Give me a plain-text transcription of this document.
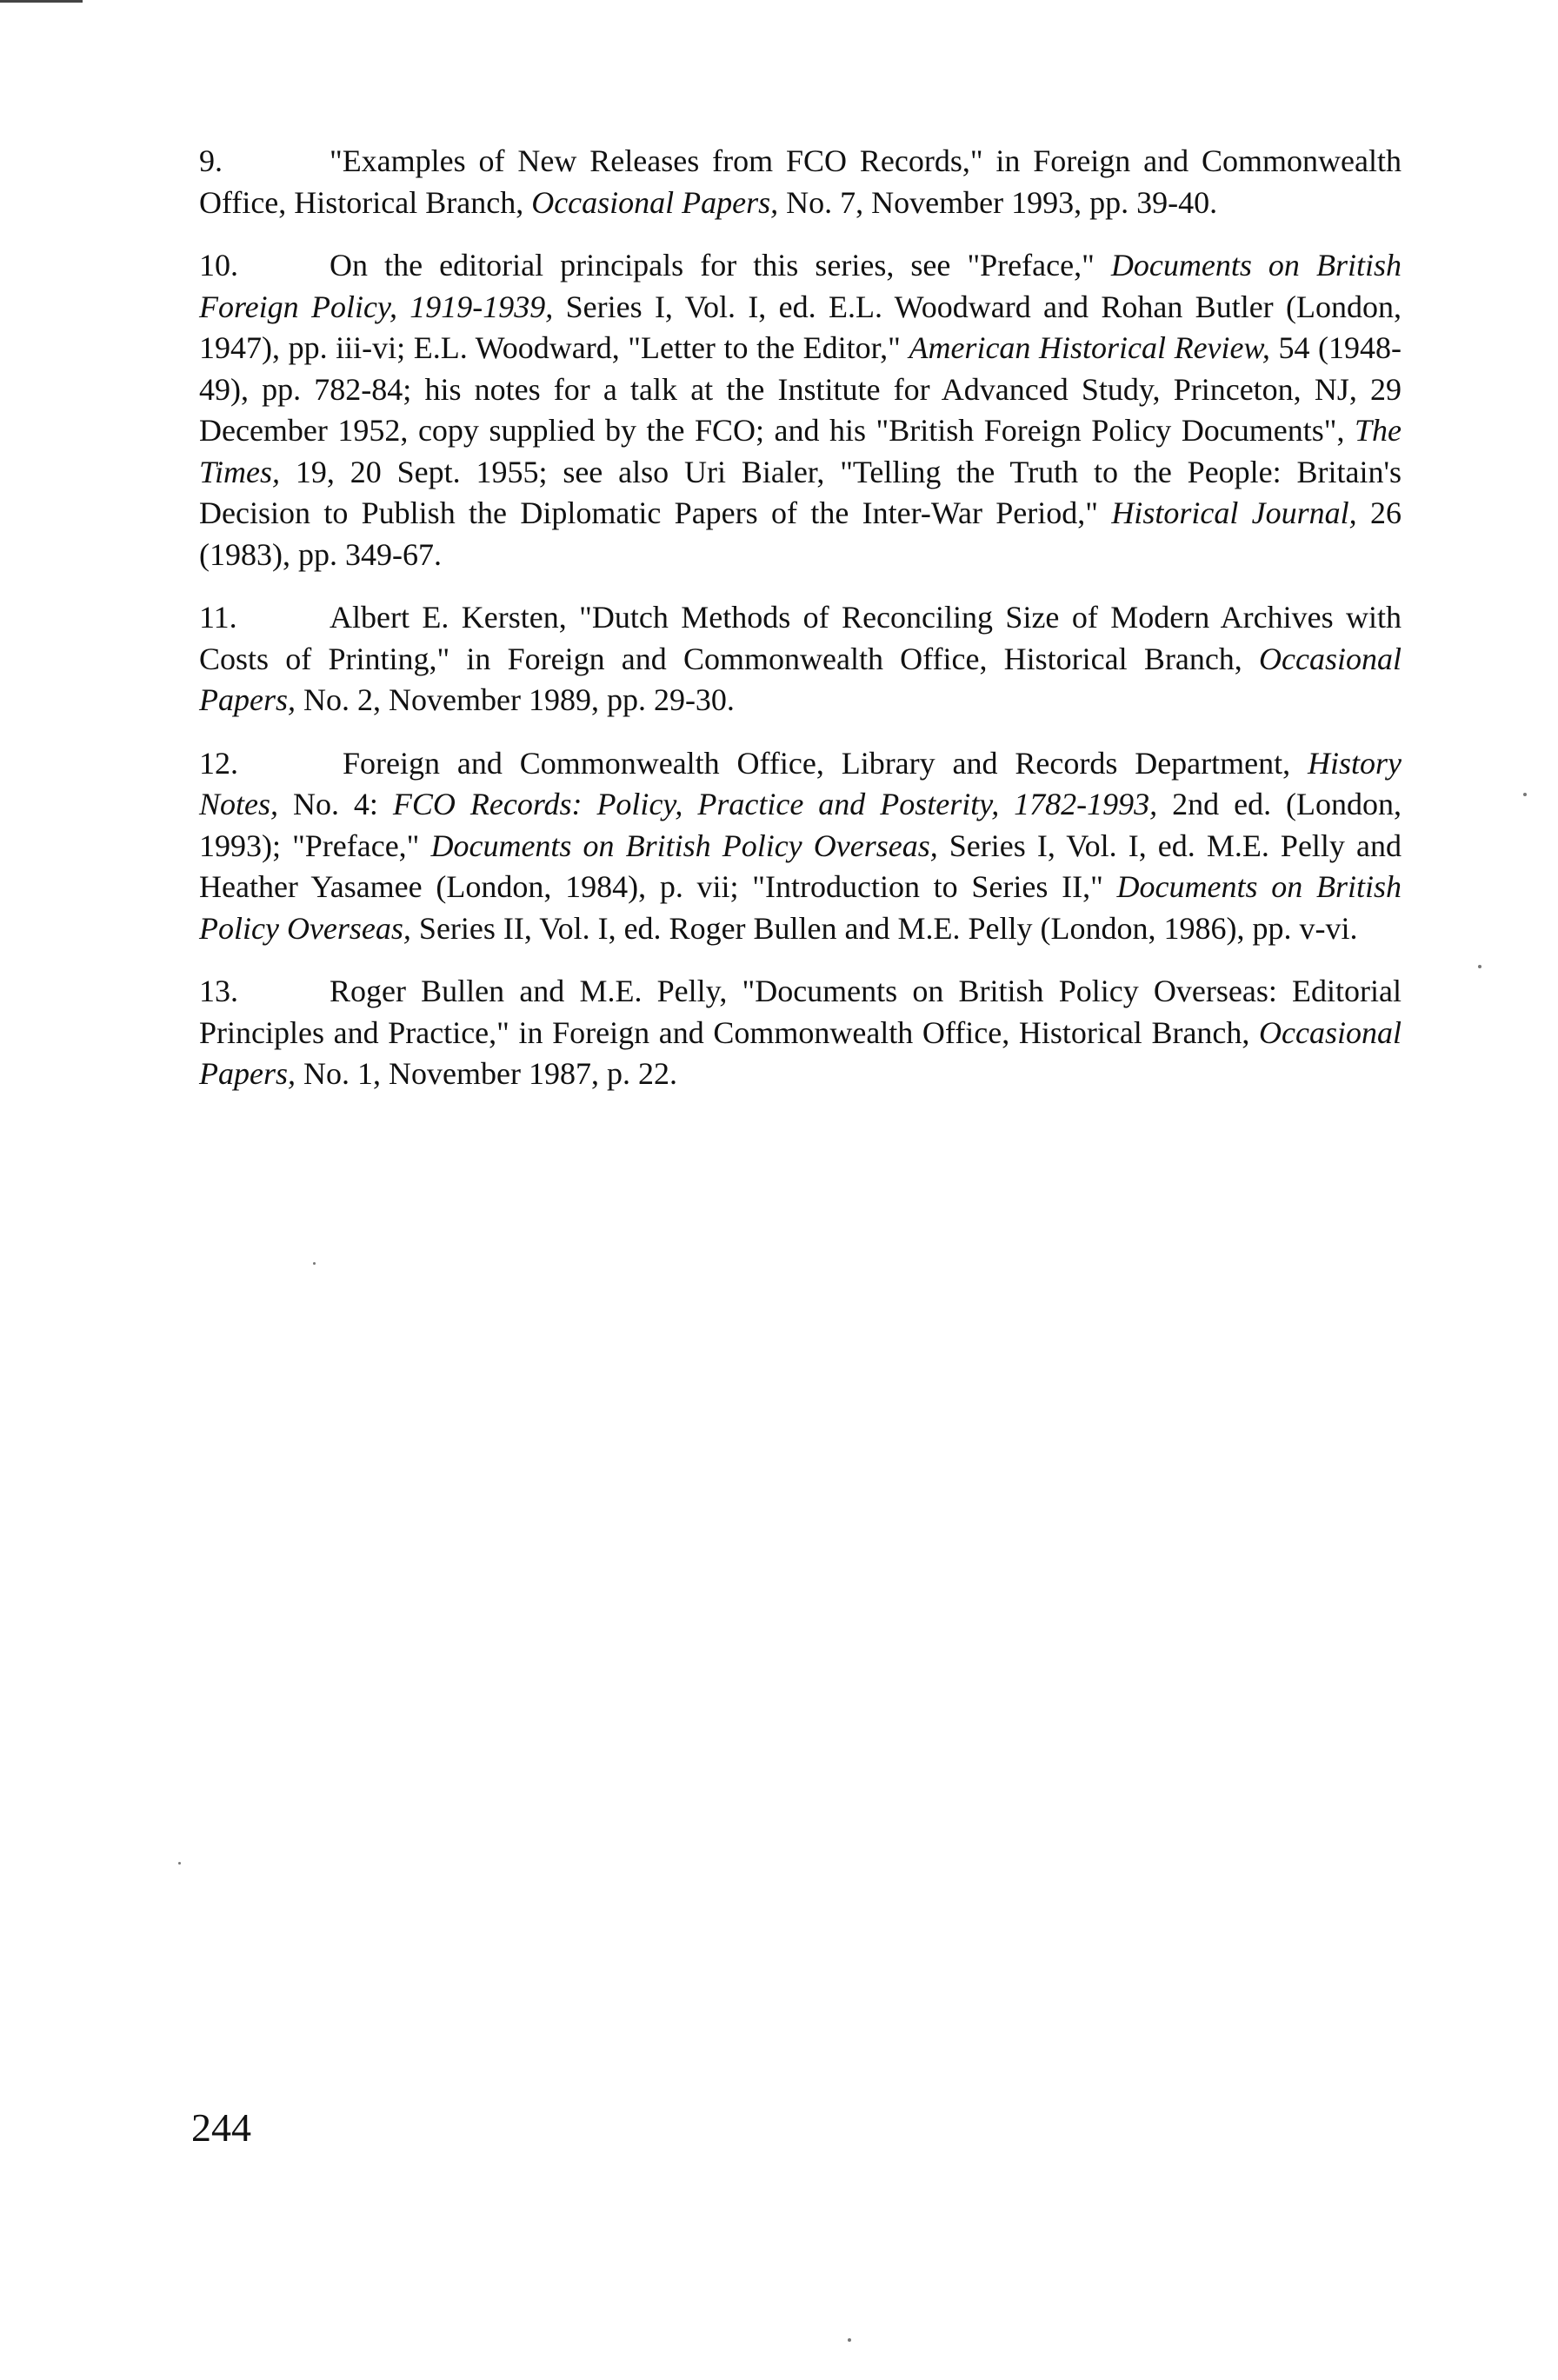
9.	"Examples of New Releases from FCO Records," in Foreign and Commonwealth Office, Historical Branch, Occasional Papers, No. 7, November 1993, pp. 39-40.

10.	On the editorial principals for this series, see "Preface," Documents on British Foreign Policy, 1919-1939, Series I, Vol. I, ed. E.L. Woodward and Rohan Butler (London, 1947), pp. iii-vi; E.L. Woodward, "Letter to the Editor," American Historical Review, 54 (1948-49), pp. 782-84; his notes for a talk at the Institute for Advanced Study, Princeton, NJ, 29 December 1952, copy supplied by the FCO; and his "British Foreign Policy Documents", The Times, 19, 20 Sept. 1955; see also Uri Bialer, "Telling the Truth to the People: Britain's Decision to Publish the Diplomatic Papers of the Inter-War Period," Historical Journal, 26 (1983), pp. 349-67.

11.	Albert E. Kersten, "Dutch Methods of Reconciling Size of Modern Archives with Costs of Printing," in Foreign and Commonwealth Office, Historical Branch, Occasional Papers, No. 2, November 1989, pp. 29-30.

12.	Foreign and Commonwealth Office, Library and Records Department, History Notes, No. 4: FCO Records: Policy, Practice and Posterity, 1782-1993, 2nd ed. (London, 1993); "Preface," Documents on British Policy Overseas, Series I, Vol. I, ed. M.E. Pelly and Heather Yasamee (London, 1984), p. vii; "Introduction to Series II," Documents on British Policy Overseas, Series II, Vol. I, ed. Roger Bullen and M.E. Pelly (London, 1986), pp. v-vi.

13.	Roger Bullen and M.E. Pelly, "Documents on British Policy Overseas: Editorial Principles and Practice," in Foreign and Commonwealth Office, Historical Branch, Occasional Papers, No. 1, November 1987, p. 22.

244
